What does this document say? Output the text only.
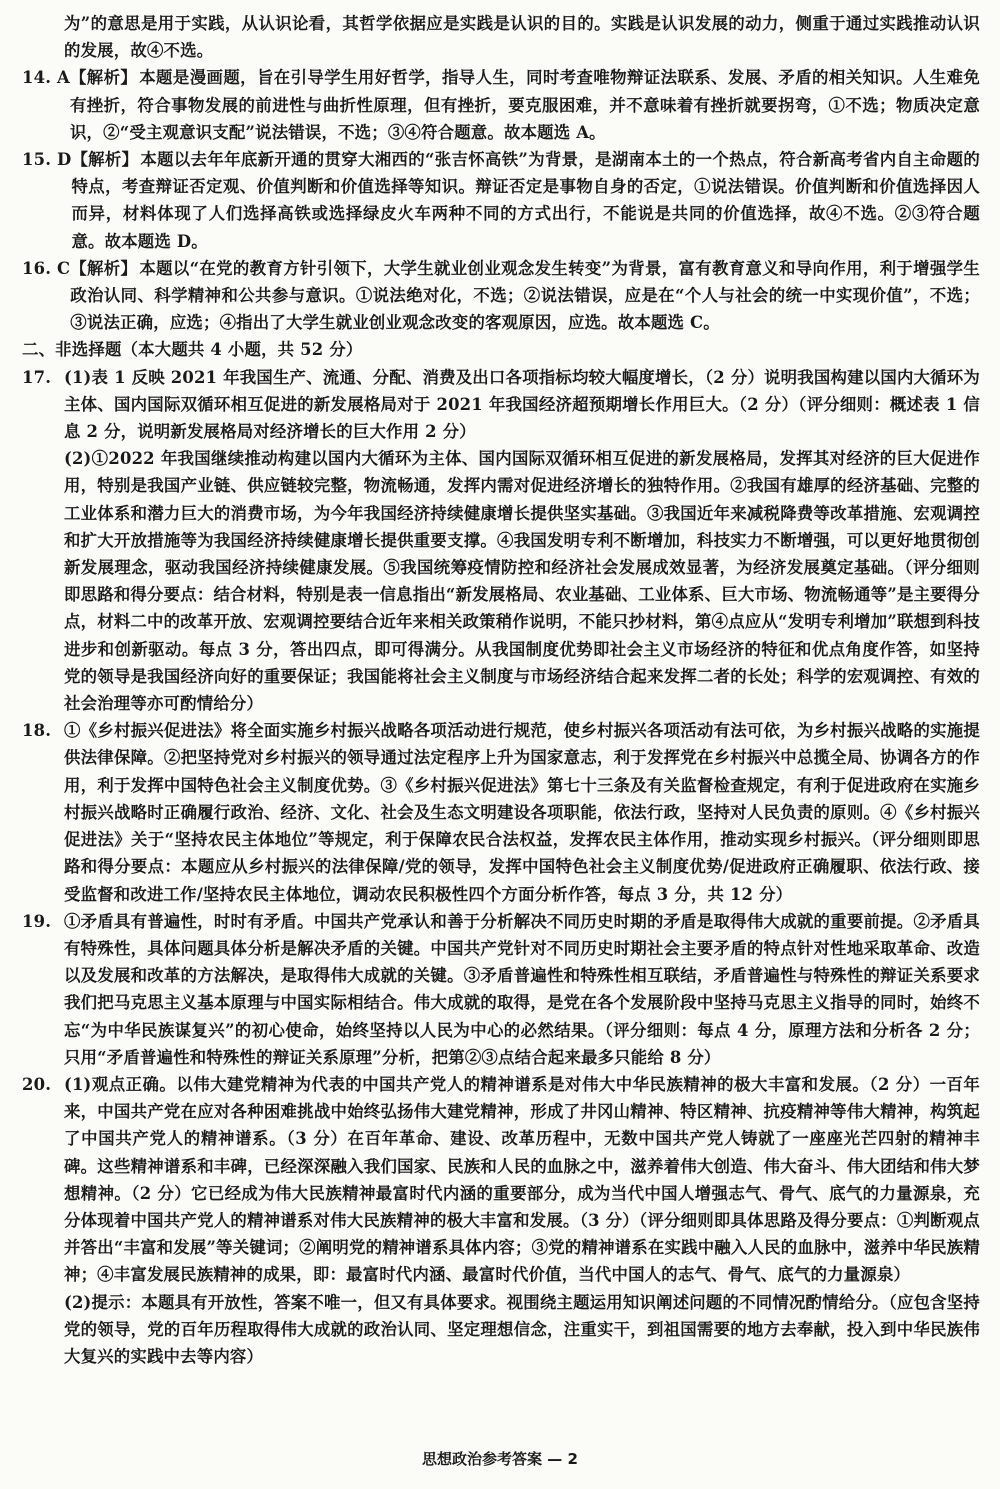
为”的意思是用于实践，从认识论看，其哲学依据应是实践是认识的目的。实践是认识发展的动力，侧重于通过实践推动认识的发展，故④不选。
14. A 【解析】 本题是漫画题，旨在引导学生用好哲学，指导人生，同时考查唯物辩证法联系、发展、矛盾的相关知识。人生难免有挫折，符合事物发展的前进性与曲折性原理，但有挫折，要克服困难，并不意味着有挫折就要拐弯，①不选；物质决定意识，②“受主观意识支配”说法错误，不选；③④符合题意。故本题选 A。
15. D 【解析】 本题以去年年底新开通的贯穿大湘西的“张吉怀高铁”为背景，是湖南本土的一个热点，符合新高考省内自主命题的特点，考查辩证否定观、价值判断和价值选择等知识。辩证否定是事物自身的否定，①说法错误。价值判断和价值选择因人而异，材料体现了人们选择高铁或选择绿皮火车两种不同的方式出行，不能说是共同的价值选择，故④不选。②③符合题意。故本题选 D。
16. C 【解析】 本题以“在党的教育方针引领下，大学生就业创业观念发生转变”为背景，富有教育意义和导向作用，利于增强学生政治认同、科学精神和公共参与意识。①说法绝对化，不选；②说法错误，应是在“个人与社会的统一中实现价值”，不选；③说法正确，应选；④指出了大学生就业创业观念改变的客观原因，应选。故本题选 C。
二、非选择题（本大题共 4 小题，共 52 分）
17. (1)表 1 反映 2021 年我国生产、流通、分配、消费及出口各项指标均较大幅度增长，（2 分）说明我国构建以国内大循环为主体、国内国际双循环相互促进的新发展格局对于 2021 年我国经济超预期增长作用巨大。（2 分）（评分细则：概述表 1 信息 2 分，说明新发展格局对经济增长的巨大作用 2 分）
(2)①2022 年我国继续推动构建以国内大循环为主体、国内国际双循环相互促进的新发展格局，发挥其对经济的巨大促进作用，特别是我国产业链、供应链较完整，物流畅通，发挥内需对促进经济增长的独特作用。②我国有雄厚的经济基础、完整的工业体系和潜力巨大的消费市场，为今年我国经济持续健康增长提供坚实基础。③我国近年来减税降费等改革措施、宏观调控和扩大开放措施等为我国经济持续健康增长提供重要支撑。④我国发明专利不断增加，科技实力不断增强，可以更好地贯彻创新发展理念，驱动我国经济持续健康发展。⑤我国统筹疫情防控和经济社会发展成效显著，为经济发展奠定基础。（评分细则即思路和得分要点：结合材料，特别是表一信息指出“新发展格局、农业基础、工业体系、巨大市场、物流畅通等”是主要得分点，材料二中的改革开放、宏观调控要结合近年来相关政策稍作说明，不能只抄材料，第④点应从“发明专利增加”联想到科技进步和创新驱动。每点 3 分，答出四点，即可得满分。从我国制度优势即社会主义市场经济的特征和优点角度作答，如坚持党的领导是我国经济向好的重要保证；我国能将社会主义制度与市场经济结合起来发挥二者的长处；科学的宏观调控、有效的社会治理等亦可酌情给分）
18. ①《乡村振兴促进法》将全面实施乡村振兴战略各项活动进行规范，使乡村振兴各项活动有法可依，为乡村振兴战略的实施提供法律保障。②把坚持党对乡村振兴的领导通过法定程序上升为国家意志，利于发挥党在乡村振兴中总揽全局、协调各方的作用，利于发挥中国特色社会主义制度优势。③《乡村振兴促进法》第七十三条及有关监督检查规定，有利于促进政府在实施乡村振兴战略时正确履行政治、经济、文化、社会及生态文明建设各项职能，依法行政，坚持对人民负责的原则。④《乡村振兴促进法》关于“坚持农民主体地位”等规定，利于保障农民合法权益，发挥农民主体作用，推动实现乡村振兴。（评分细则即思路和得分要点：本题应从乡村振兴的法律保障/党的领导，发挥中国特色社会主义制度优势/促进政府正确履职、依法行政、接受监督和改进工作/坚持农民主体地位，调动农民积极性四个方面分析作答，每点 3 分，共 12 分）
19. ①矛盾具有普遍性，时时有矛盾。中国共产党承认和善于分析解决不同历史时期的矛盾是取得伟大成就的重要前提。②矛盾具有特殊性，具体问题具体分析是解决矛盾的关键。中国共产党针对不同历史时期社会主要矛盾的特点针对性地采取革命、改造以及发展和改革的方法解决，是取得伟大成就的关键。③矛盾普遍性和特殊性相互联结，矛盾普遍性与特殊性的辩证关系要求我们把马克思主义基本原理与中国实际相结合。伟大成就的取得，是党在各个发展阶段中坚持马克思主义指导的同时，始终不忘“为中华民族谋复兴”的初心使命，始终坚持以人民为中心的必然结果。（评分细则：每点 4 分，原理方法和分析各 2 分；只用“矛盾普遍性和特殊性的辩证关系原理”分析，把第②③点结合起来最多只能给 8 分）
20. (1)观点正确。以伟大建党精神为代表的中国共产党人的精神谱系是对伟大中华民族精神的极大丰富和发展。（2 分）一百年来，中国共产党在应对各种困难挑战中始终弘扬伟大建党精神，形成了井冈山精神、特区精神、抗疫精神等伟大精神，构筑起了中国共产党人的精神谱系。（3 分）在百年革命、建设、改革历程中，无数中国共产党人铸就了一座座光芒四射的精神丰碑。这些精神谱系和丰碑，已经深深融入我们国家、民族和人民的血脉之中，滋养着伟大创造、伟大奋斗、伟大团结和伟大梦想精神。（2 分）它已经成为伟大民族精神最富时代内涵的重要部分，成为当代中国人增强志气、骨气、底气的力量源泉，充分体现着中国共产党人的精神谱系对伟大民族精神的极大丰富和发展。（3 分）（评分细则即具体思路及得分要点：①判断观点并答出“丰富和发展”等关键词；②阐明党的精神谱系具体内容；③党的精神谱系在实践中融入人民的血脉中，滋养中华民族精神；④丰富发展民族精神的成果，即：最富时代内涵、最富时代价值，当代中国人的志气、骨气、底气的力量源泉）
(2)提示：本题具有开放性，答案不唯一，但又有具体要求。视围绕主题运用知识阐述问题的不同情况酌情给分。（应包含坚持党的领导，党的百年历程取得伟大成就的政治认同、坚定理想信念，注重实干，到祖国需要的地方去奉献，投入到中华民族伟大复兴的实践中去等内容）
思想政治参考答案 — 2
